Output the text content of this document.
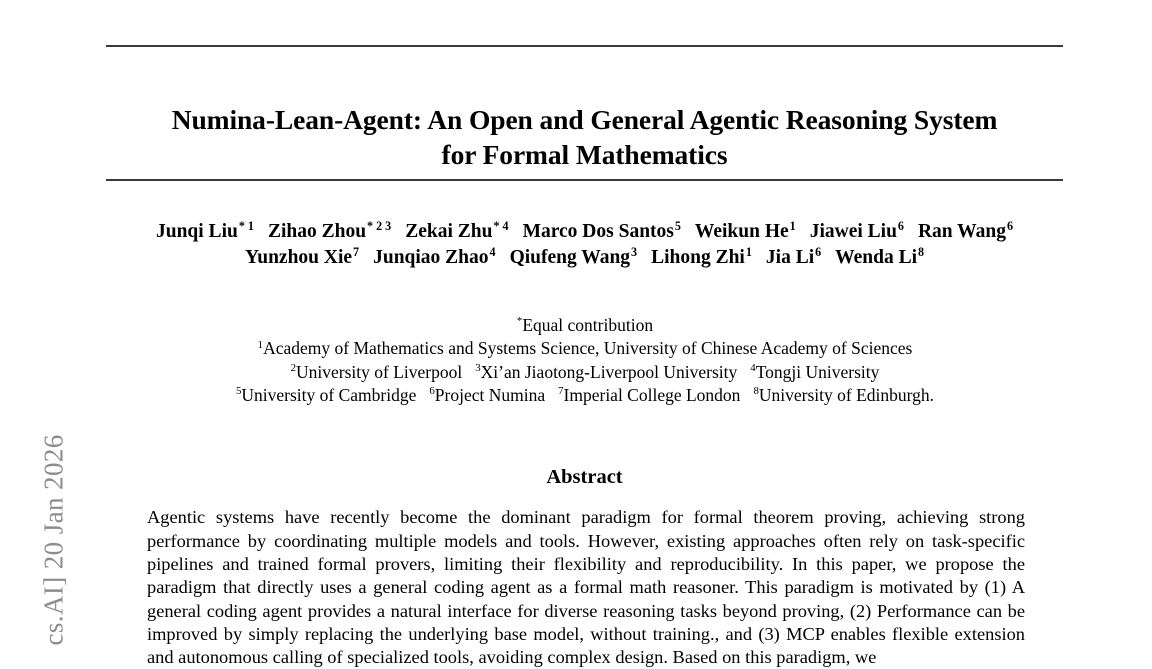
cs.AI] 20 Jan 2026
Numina-Lean-Agent: An Open and General Agentic Reasoning System
for Formal Mathematics
Junqi Liu$^{* 1}$ Zihao Zhou$^{* 2 3}$ Zekai Zhu$^{* 4}$ Marco Dos Santos$^5$ Weikun He$^1$ Jiawei Liu$^6$ Ran Wang$^6$
Yunzhou Xie$^7$ Junqiao Zhao$^4$ Qiufeng Wang$^3$ Lihong Zhi$^1$ Jia Li$^6$ Wenda Li$^8$
*Equal contribution
$^1$Academy of Mathematics and Systems Science, University of Chinese Academy of Sciences
$^2$University of Liverpool $^3$Xi’an Jiaotong-Liverpool University $^4$Tongji University
$^5$University of Cambridge $^6$Project Numina $^7$Imperial College London $^8$University of Edinburgh.
Abstract

Agentic systems have recently become the dominant paradigm for formal theorem proving, achieving strong performance by coordinating multiple models and tools. However, existing approaches often rely on task-specific pipelines and trained formal provers, limiting their flexibility and reproducibility. In this paper, we propose the paradigm that directly uses a general coding agent as a formal math reasoner. This paradigm is motivated by (1) A general coding agent provides a natural interface for diverse reasoning tasks beyond proving, (2) Performance can be improved by simply replacing the underlying base model, without training., and (3) MCP enables flexible extension and autonomous calling of specialized tools, avoiding complex design. Based on this paradigm, we
